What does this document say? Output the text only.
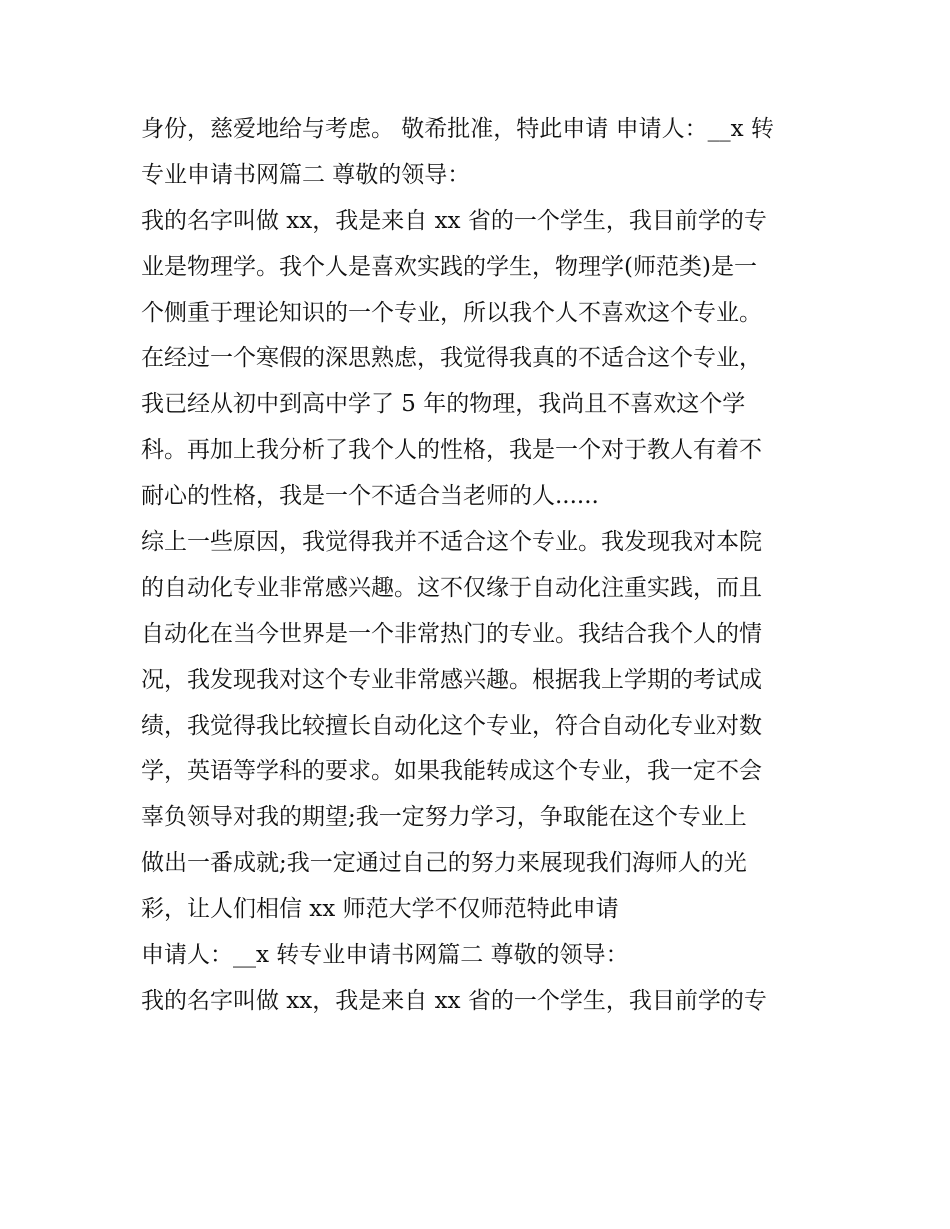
身份，慈爱地给与考虑。 敬希批准，特此申请 申请人：__x 转
专业申请书网篇二 尊敬的领导：
我的名字叫做 xx，我是来自 xx 省的一个学生，我目前学的专
业是物理学。我个人是喜欢实践的学生，物理学(师范类)是一
个侧重于理论知识的一个专业，所以我个人不喜欢这个专业。
在经过一个寒假的深思熟虑，我觉得我真的不适合这个专业，
我已经从初中到高中学了 5 年的物理，我尚且不喜欢这个学
科。再加上我分析了我个人的性格，我是一个对于教人有着不
耐心的性格，我是一个不适合当老师的人......
综上一些原因，我觉得我并不适合这个专业。我发现我对本院
的自动化专业非常感兴趣。这不仅缘于自动化注重实践，而且
自动化在当今世界是一个非常热门的专业。我结合我个人的情
况，我发现我对这个专业非常感兴趣。根据我上学期的考试成
绩，我觉得我比较擅长自动化这个专业，符合自动化专业对数
学，英语等学科的要求。如果我能转成这个专业，我一定不会
辜负领导对我的期望;我一定努力学习，争取能在这个专业上
做出一番成就;我一定通过自己的努力来展现我们海师人的光
彩，让人们相信 xx 师范大学不仅师范特此申请
申请人：__x 转专业申请书网篇二 尊敬的领导：
我的名字叫做 xx，我是来自 xx 省的一个学生，我目前学的专
